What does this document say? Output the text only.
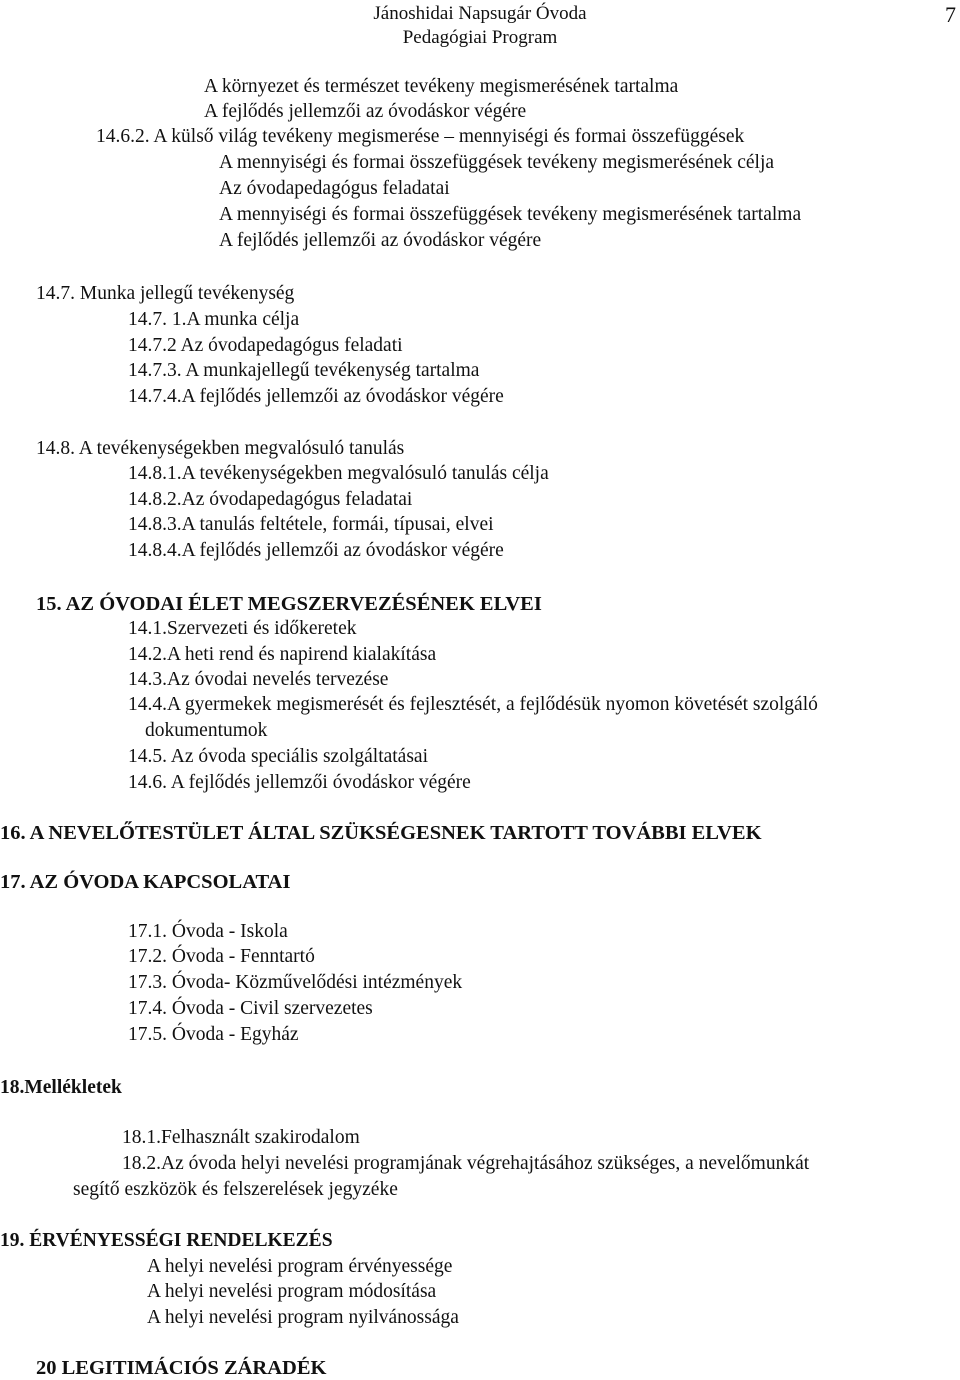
Jánoshidai Napsugár Óvoda
Pedagógiai Program
7
A környezet és természet tevékeny megismerésének tartalma
A fejlődés jellemzői az óvodáskor végére
14.6.2. A külső világ tevékeny megismerése – mennyiségi és formai összefüggések
A mennyiségi és formai összefüggések tevékeny megismerésének célja
Az óvodapedagógus feladatai
A mennyiségi és formai összefüggések tevékeny megismerésének tartalma
A fejlődés jellemzői az óvodáskor végére
14.7. Munka jellegű tevékenység
14.7. 1.A munka célja
14.7.2 Az óvodapedagógus feladati
14.7.3. A munkajellegű tevékenység tartalma
14.7.4.A fejlődés jellemzői az óvodáskor végére
14.8. A tevékenységekben megvalósuló tanulás
14.8.1.A tevékenységekben megvalósuló tanulás célja
14.8.2.Az óvodapedagógus feladatai
14.8.3.A tanulás feltétele, formái, típusai, elvei
14.8.4.A fejlődés jellemzői az óvodáskor végére
15. AZ ÓVODAI ÉLET MEGSZERVEZÉSÉNEK ELVEI
14.1.Szervezeti és időkeretek
14.2.A heti rend és napirend kialakítása
14.3.Az óvodai nevelés tervezése
14.4.A gyermekek megismerését és fejlesztését, a fejlődésük nyomon követését szolgáló
dokumentumok
14.5. Az óvoda speciális szolgáltatásai
14.6. A fejlődés jellemzői óvodáskor végére
16. A NEVELŐTESTÜLET ÁLTAL SZÜKSÉGESNEK TARTOTT TOVÁBBI ELVEK
17. AZ ÓVODA KAPCSOLATAI
17.1. Óvoda - Iskola
17.2. Óvoda - Fenntartó
17.3. Óvoda- Közművelődési intézmények
17.4. Óvoda - Civil szervezetes
17.5. Óvoda - Egyház
18.Mellékletek
18.1.Felhasznált szakirodalom
18.2.Az óvoda helyi nevelési programjának végrehajtásához szükséges, a nevelőmunkát
segítő eszközök és felszerelések jegyzéke
19. ÉRVÉNYESSÉGI RENDELKEZÉS
A helyi nevelési program érvényessége
A helyi nevelési program módosítása
A helyi nevelési program nyilvánossága
20 LEGITIMÁCIÓS ZÁRADÉK
